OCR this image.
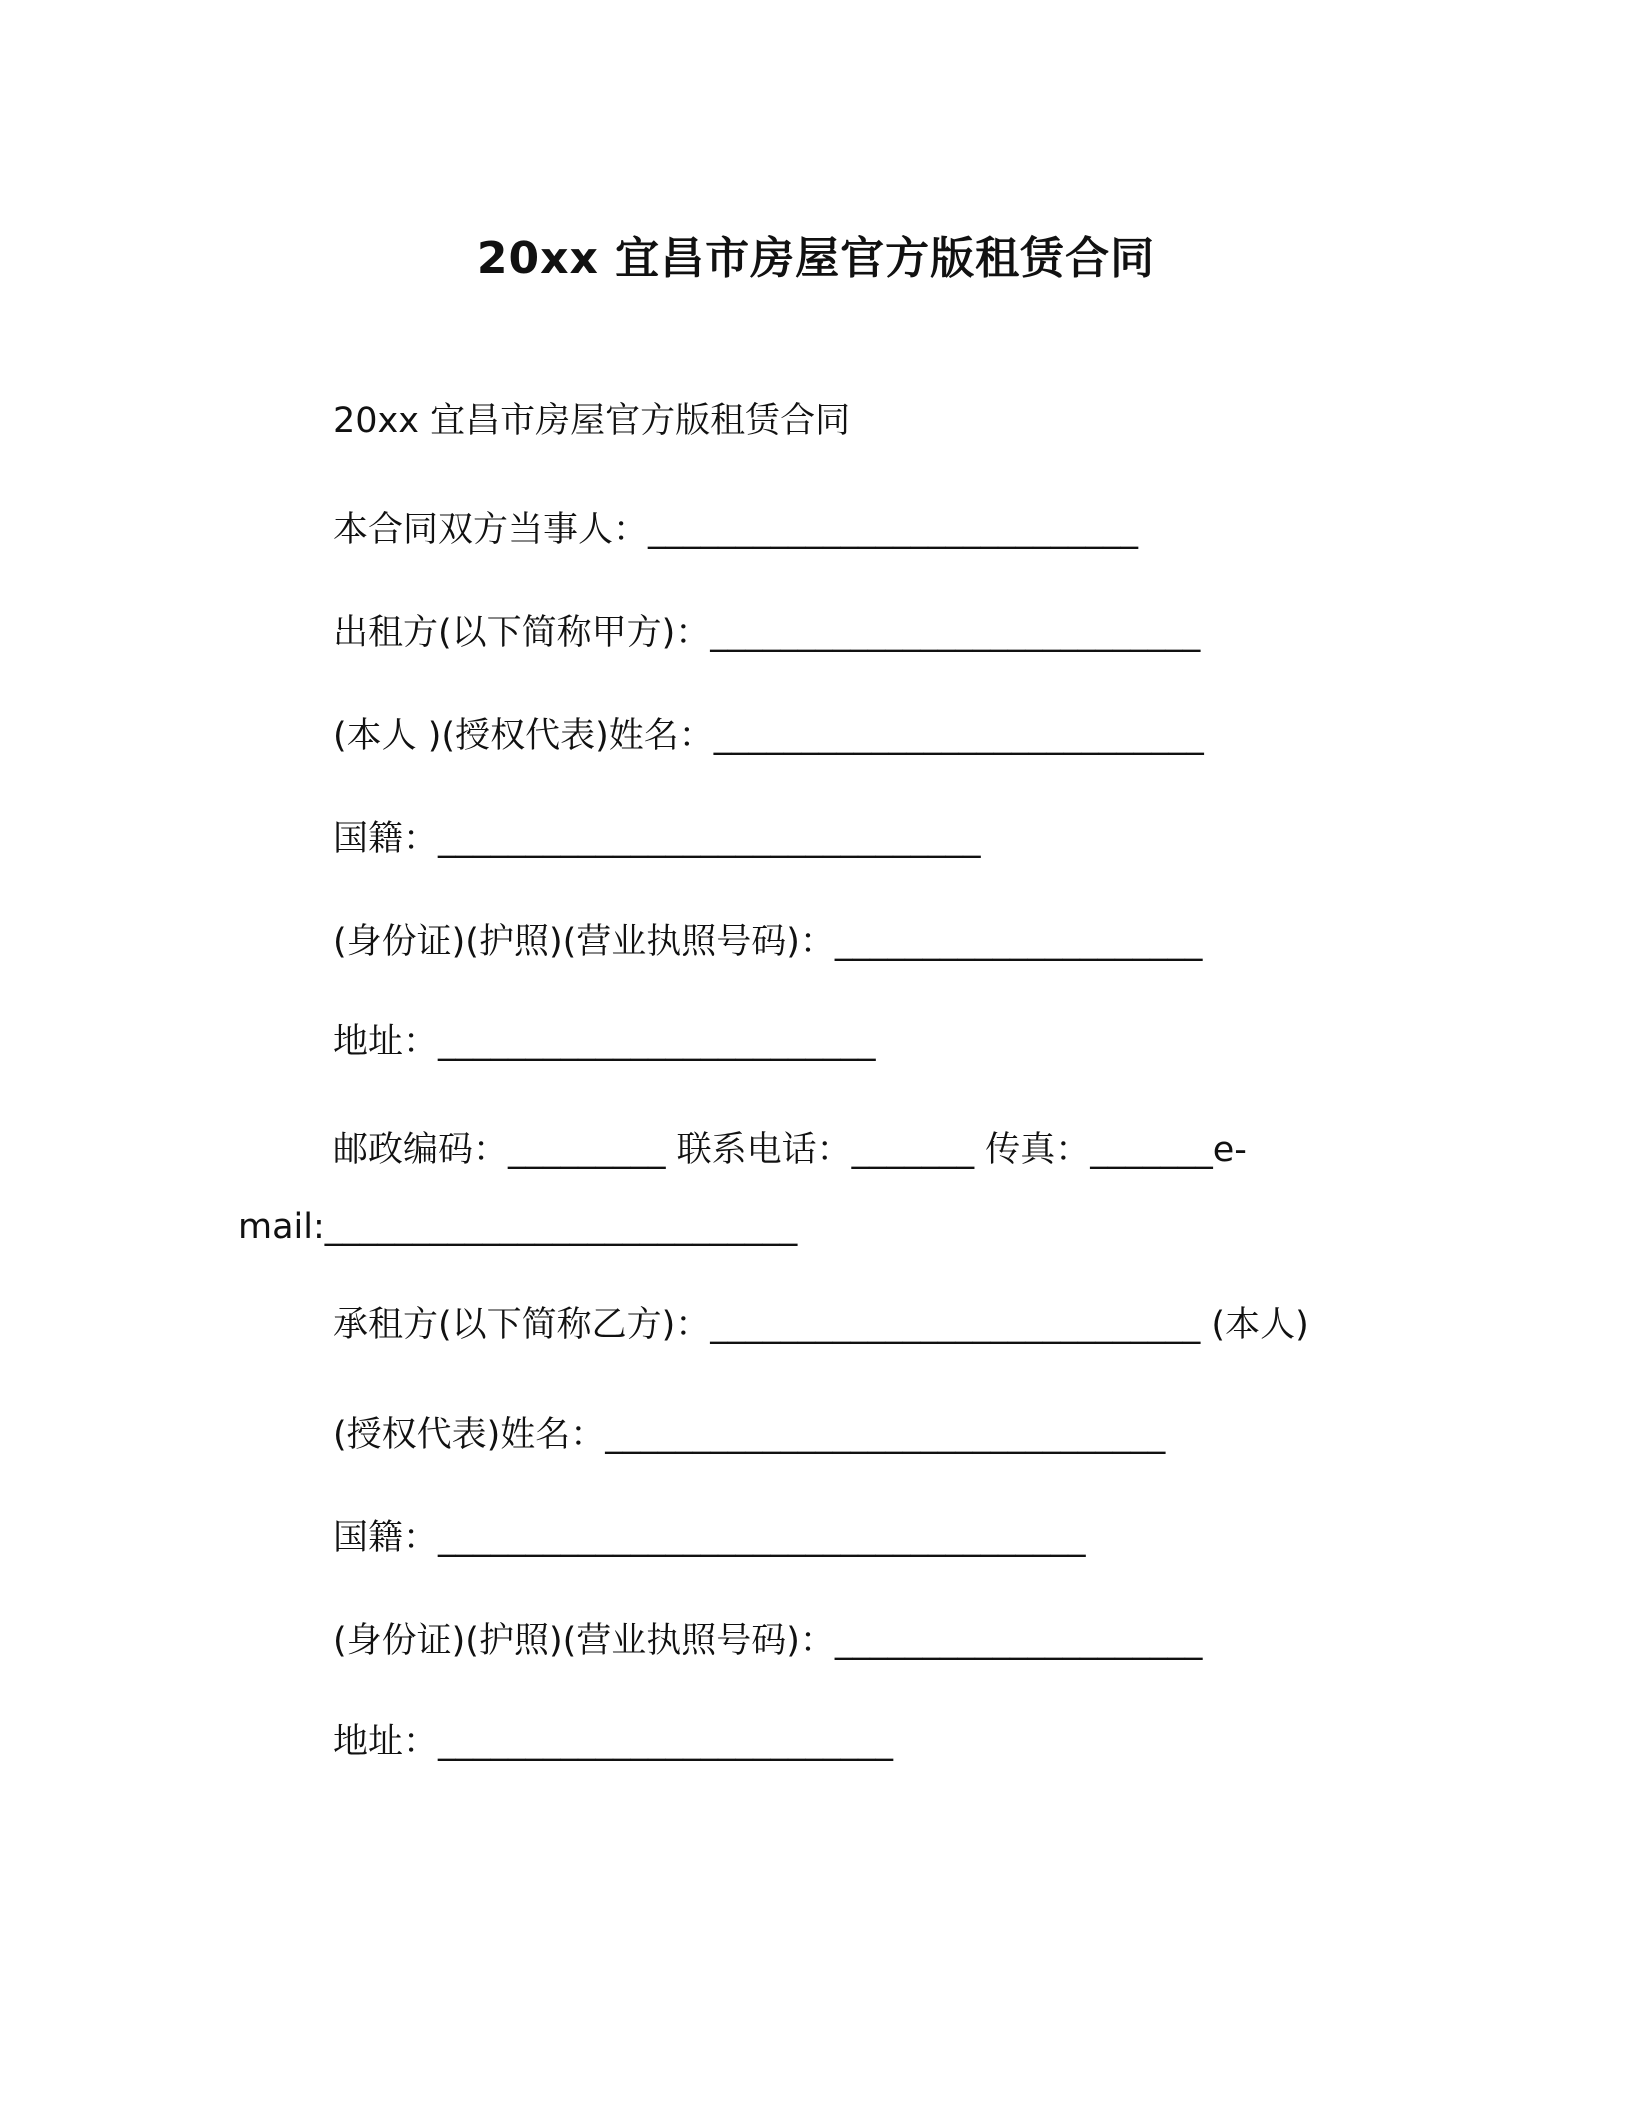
20xx 宜昌市房屋官方版租赁合同
20xx 宜昌市房屋官方版租赁合同
本合同双方当事人：____________________________
出租方(以下简称甲方)：____________________________
(本人 )(授权代表)姓名：____________________________
国籍：_______________________________
(身份证)(护照)(营业执照号码)：_____________________
地址：_________________________
邮政编码：_________ 联系电话：_______ 传真：_______e-
mail:___________________________
承租方(以下简称乙方)：____________________________ (本人)
(授权代表)姓名：________________________________
国籍：_____________________________________
(身份证)(护照)(营业执照号码)：_____________________
地址：__________________________
